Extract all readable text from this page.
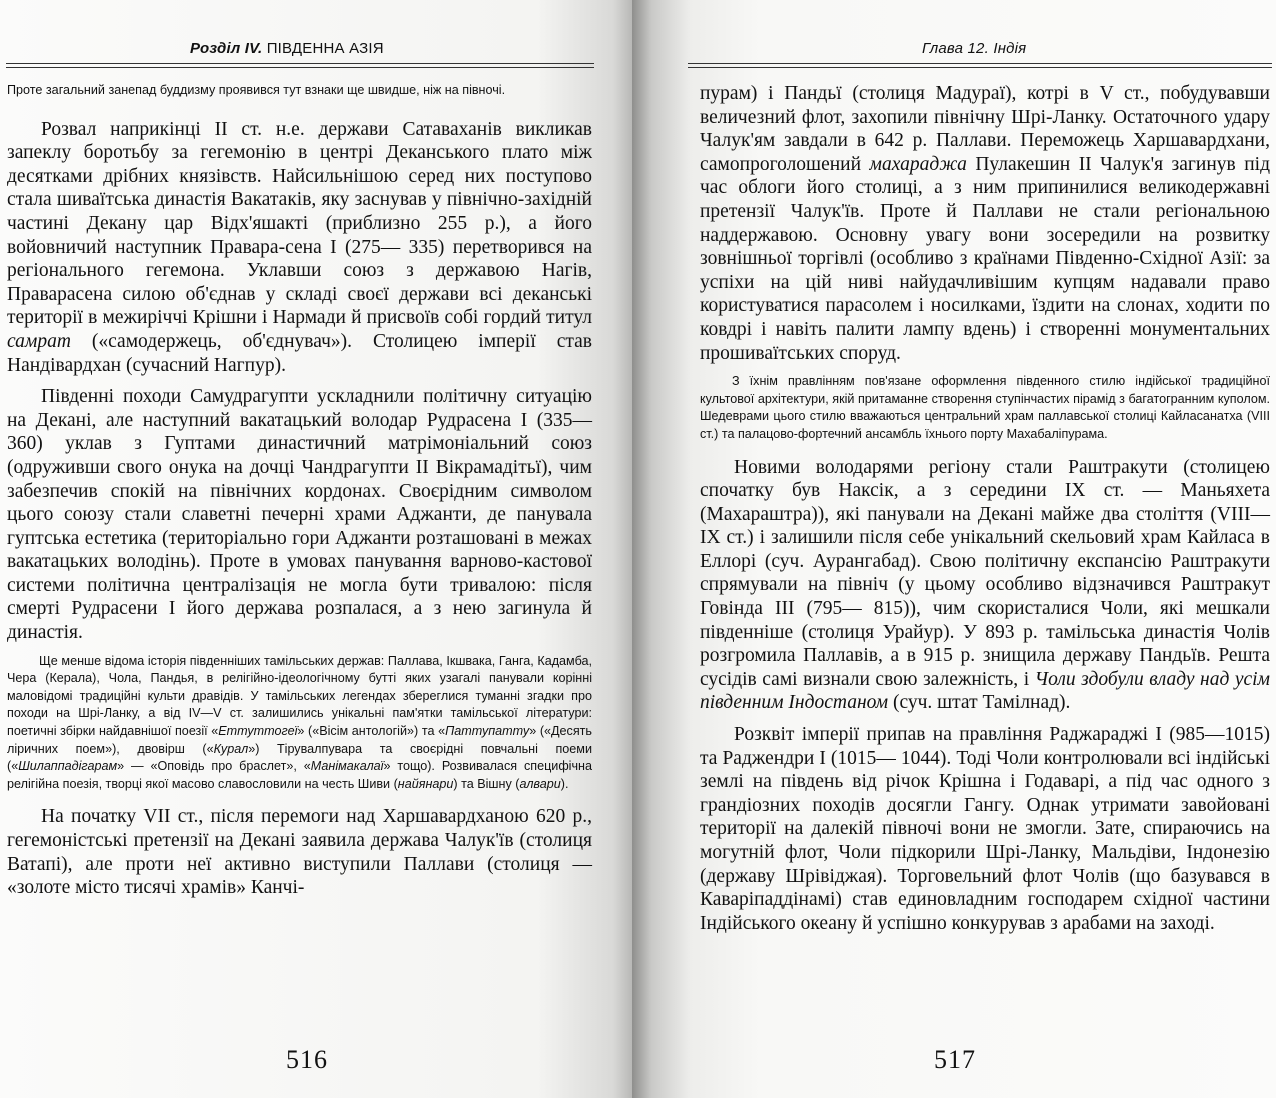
Розділ IV. ПІВДЕННА АЗІЯ

Проте загальний занепад буддизму проявився тут взнаки ще швидше, ніж на півночі.

Розвал наприкінці II ст. н.е. держави Сатаваханів викликав запеклу боротьбу за гегемонію в центрі Деканського плато між десятками дрібних князівств. Найсильнішою серед них поступово стала шиваїтська династія Вакатаків, яку заснував у північно-західній частині Декану цар Відх'яшакті (приблизно 255 р.), а його войовничий наступник Правара-сена I (275— 335) перетворився на регіонального гегемона. Уклавши союз з державою Нагів, Праварасена силою об'єднав у складі своєї держави всі деканські території в межиріччі Крішни і Нармади й присвоїв собі гордий титул самрат («самодержець, об'єднувач»). Столицею імперії став Нандівардхан (сучасний Нагпур).

Південні походи Самудрагупти ускладнили політичну ситуацію на Декані, але наступний вакатацький володар Рудрасена I (335— 360) уклав з Гуптами династичний матрімоніальний союз (одруживши свого онука на дочці Чандрагупти II Вікрамадітьї), чим забезпечив спокій на північних кордонах. Своєрідним символом цього союзу стали славетні печерні храми Аджанти, де панувала гуптська естетика (територіально гори Аджанти розташовані в межах вакатацьких володінь). Проте в умовах панування варново-кастової системи політична централізація не могла бути тривалою: після смерті Рудрасени I його держава розпалася, а з нею загинула й династія.

Ще менше відома історія південніших тамільських держав: Паллава, Ікшвака, Ганга, Кадамба, Чера (Керала), Чола, Пандья, в релігійно-ідеологічному бутті яких узагалі панували корінні маловідомі традиційні культи дравідів. У тамільських легендах збереглися туманні згадки про походи на Шрі-Ланку, а від IV—V ст. залишились унікальні пам'ятки тамільської літератури: поетичні збірки найдавнішої поезії «Еттуттогеї» («Вісім антологій») та «Паттупатту» («Десять ліричних поем»), двовірш («Курал») Тірувалпувара та своєрідні повчальні поеми («Шилаппадігарам» — «Оповідь про браслет», «Манімакалаї» тощо). Розвивалася специфічна релігійна поезія, творці якої масово славословили на честь Шиви (найянари) та Вішну (алвари).

На початку VII ст., після перемоги над Харшавардханою 620 р., гегемоністські претензії на Декані заявила держава Чалук'їв (столиця Ватапі), але проти неї активно виступили Паллави (столиця — «золоте місто тисячі храмів» Канчі-

516
Глава 12. Індія

пурам) і Пандьї (столиця Мадураї), котрі в V ст., побудувавши величезний флот, захопили північну Шрі-Ланку. Остаточного удару Чалук'ям завдали в 642 р. Паллави. Переможець Харшавардхани, самопроголошений махараджа Пулакешин II Чалук'я загинув під час облоги його столиці, а з ним припинилися великодержавні претензії Чалук'їв. Проте й Паллави не стали регіональною наддержавою. Основну увагу вони зосередили на розвитку зовнішньої торгівлі (особливо з країнами Південно-Східної Азії: за успіхи на цій ниві найудачливішим купцям надавали право користуватися парасолем і носилками, їздити на слонах, ходити по ковдрі і навіть палити лампу вдень) і створенні монументальних прошиваїтських споруд.

З їхнім правлінням пов'язане оформлення південного стилю індійської традиційної культової архітектури, якій притаманне створення ступінчастих пірамід з багатогранним куполом. Шедеврами цього стилю вважаються центральний храм паллавської столиці Кайласанатха (VIII ст.) та палацово-фортечний ансамбль їхнього порту Махабаліпурама.

Новими володарями регіону стали Раштракути (столицею спочатку був Наксік, а з середини IX ст. — Маньяхета (Махараштра)), які панували на Декані майже два століття (VIII— IX ст.) і залишили після себе унікальний скельовий храм Кайласа в Еллорі (суч. Аурангабад). Свою політичну експансію Раштракути спрямували на північ (у цьому особливо відзначився Раштракут Говінда III (795— 815)), чим скористалися Чоли, які мешкали південніше (столиця Урайур). У 893 р. тамільська династія Чолів розгромила Паллавів, а в 915 р. знищила державу Пандьїв. Решта сусідів самі визнали свою залежність, і Чоли здобули владу над усім південним Індостаном (суч. штат Тамілнад).

Розквіт імперії припав на правління Раджараджі I (985—1015) та Раджендри I (1015— 1044). Тоді Чоли контролювали всі індійські землі на південь від річок Крішна і Годаварі, а під час одного з грандіозних походів досягли Гангу. Однак утримати завойовані території на далекій півночі вони не змогли. Зате, спираючись на могутній флот, Чоли підкорили Шрі-Ланку, Мальдіви, Індонезію (державу Шрівіджая). Торговельний флот Чолів (що базувався в Каваріпаддінамі) став единовладним господарем східної частини Індійського океану й успішно конкурував з арабами на заході.

517
